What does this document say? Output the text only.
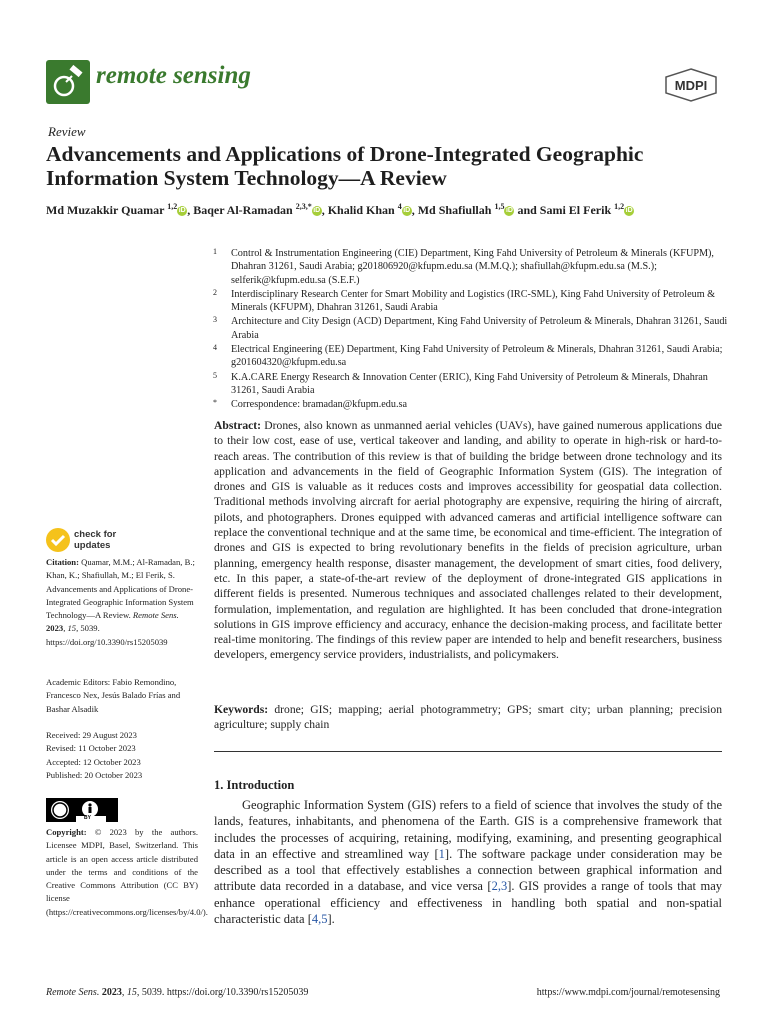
remote sensing	MDPI
Review
Advancements and Applications of Drone-Integrated Geographic Information System Technology—A Review
Md Muzakkir Quamar $^{1,2}$ iD , Baqer Al-Ramadan $^{2,3,*}$ iD , Khalid Khan $^4$ iD , Md Shafiullah $^{1,5}$ iD and Sami El Ferik $^{1,2}$ iD
1 Control & Instrumentation Engineering (CIE) Department, King Fahd University of Petroleum & Minerals (KFUPM), Dhahran 31261, Saudi Arabia; g201806920@kfupm.edu.sa (M.M.Q.); shafiullah@kfupm.edu.sa (M.S.); selferik@kfupm.edu.sa (S.E.F.)
2 Interdisciplinary Research Center for Smart Mobility and Logistics (IRC-SML), King Fahd University of Petroleum & Minerals (KFUPM), Dhahran 31261, Saudi Arabia
3 Architecture and City Design (ACD) Department, King Fahd University of Petroleum & Minerals, Dhahran 31261, Saudi Arabia
4 Electrical Engineering (EE) Department, King Fahd University of Petroleum & Minerals, Dhahran 31261, Saudi Arabia; g201604320@kfupm.edu.sa
5 K.A.CARE Energy Research & Innovation Center (ERIC), King Fahd University of Petroleum & Minerals, Dhahran 31261, Saudi Arabia
* Correspondence: bramadan@kfupm.edu.sa
Abstract: Drones, also known as unmanned aerial vehicles (UAVs), have gained numerous applications due to their low cost, ease of use, vertical takeover and landing, and ability to operate in high-risk or hard-to-reach areas. The contribution of this review is that of building the bridge between drone technology and its application and advancements in the field of Geographic Information System (GIS). The integration of drones and GIS is valuable as it reduces costs and improves accessibility for geospatial data collection. Traditional methods involving aircraft for aerial photography are expensive, requiring the hiring of aircraft, pilots, and photographers. Drones equipped with advanced cameras and artificial intelligence software can replace the conventional technique and at the same time, be economical and time-efficient. The integration of drones and GIS is expected to bring revolutionary benefits in the fields of precision agriculture, urban planning, emergency health response, disaster management, the development of smart cities, food delivery, etc. In this paper, a state-of-the-art review of the deployment of drone-integrated GIS applications in different fields is presented. Numerous techniques and associated challenges related to their development, formulation, implementation, and regulation are highlighted. It has been concluded that drone-integration solutions in GIS improve efficiency and accuracy, enhance the decision-making process, and facilitate better real-time monitoring. The findings of this review paper are intended to help and benefit researchers, business developers, emergency service providers, industrialists, and policymakers.
Keywords: drone; GIS; mapping; aerial photogrammetry; GPS; smart city; urban planning; precision agriculture; supply chain
1. Introduction
Geographic Information System (GIS) refers to a field of science that involves the study of the lands, features, inhabitants, and phenomena of the Earth. GIS is a comprehensive framework that includes the processes of acquiring, retaining, modifying, examining, and presenting geographical data in an effective and streamlined way [1]. The software package under consideration may be described as a tool that effectively establishes a connection between graphical information and attribute data recorded in a database, and vice versa [2,3]. GIS provides a range of tools that may enhance operational efficiency and effectiveness in handling both spatial and non-spatial characteristic data [4,5].
check for
updates
Citation: Quamar, M.M.; Al-Ramadan, B.; Khan, K.; Shafiullah, M.; El Ferik, S. Advancements and Applications of Drone-Integrated Geographic Information System Technology—A Review. Remote Sens. 2023, 15, 5039. https://doi.org/10.3390/rs15205039
Academic Editors: Fabio Remondino, Francesco Nex, Jesús Balado Frías and Bashar Alsadik
Received: 29 August 2023
Revised: 11 October 2023
Accepted: 12 October 2023
Published: 20 October 2023
BY
Copyright: © 2023 by the authors. Licensee MDPI, Basel, Switzerland. This article is an open access article distributed under the terms and conditions of the Creative Commons Attribution (CC BY) license (https://creativecommons.org/licenses/by/4.0/).
Remote Sens. 2023, 15, 5039. https://doi.org/10.3390/rs15205039	https://www.mdpi.com/journal/remotesensing
